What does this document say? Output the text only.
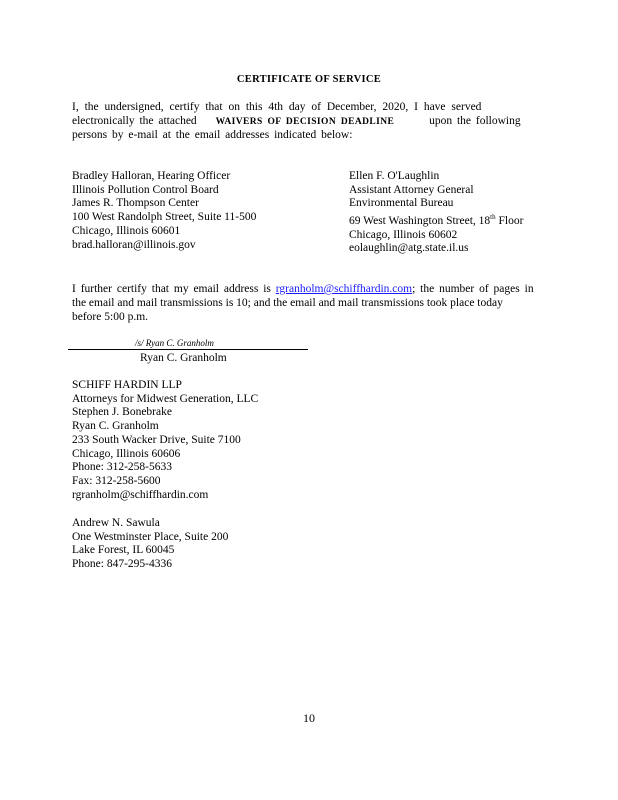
CERTIFICATE OF SERVICE
I, the undersigned, certify that on this 4th day of December, 2020, I have served
electronically the attached WAIVERS OF DECISION DEADLINE	upon the following
persons by e-mail at the email addresses indicated below:
Bradley Halloran, Hearing Officer
Illinois Pollution Control Board
James R. Thompson Center
100 West Randolph Street, Suite 11-500
Chicago, Illinois 60601
brad.halloran@illinois.gov
Ellen F. O'Laughlin
Assistant Attorney General
Environmental Bureau
69 West Washington Street, 18th Floor
Chicago, Illinois 60602
eolaughlin@atg.state.il.us
I further certify that my email address is rgranholm@schiffhardin.com; the number of pages in
the email and mail transmissions is 10; and the email and mail transmissions took place today
before 5:00 p.m.
/s/ Ryan C. Granholm
Ryan C. Granholm
SCHIFF HARDIN LLP
Attorneys for Midwest Generation, LLC
Stephen J. Bonebrake
Ryan C. Granholm
233 South Wacker Drive, Suite 7100
Chicago, Illinois 60606
Phone: 312-258-5633
Fax: 312-258-5600
rgranholm@schiffhardin.com
Andrew N. Sawula
One Westminster Place, Suite 200
Lake Forest, IL 60045
Phone: 847-295-4336
10
